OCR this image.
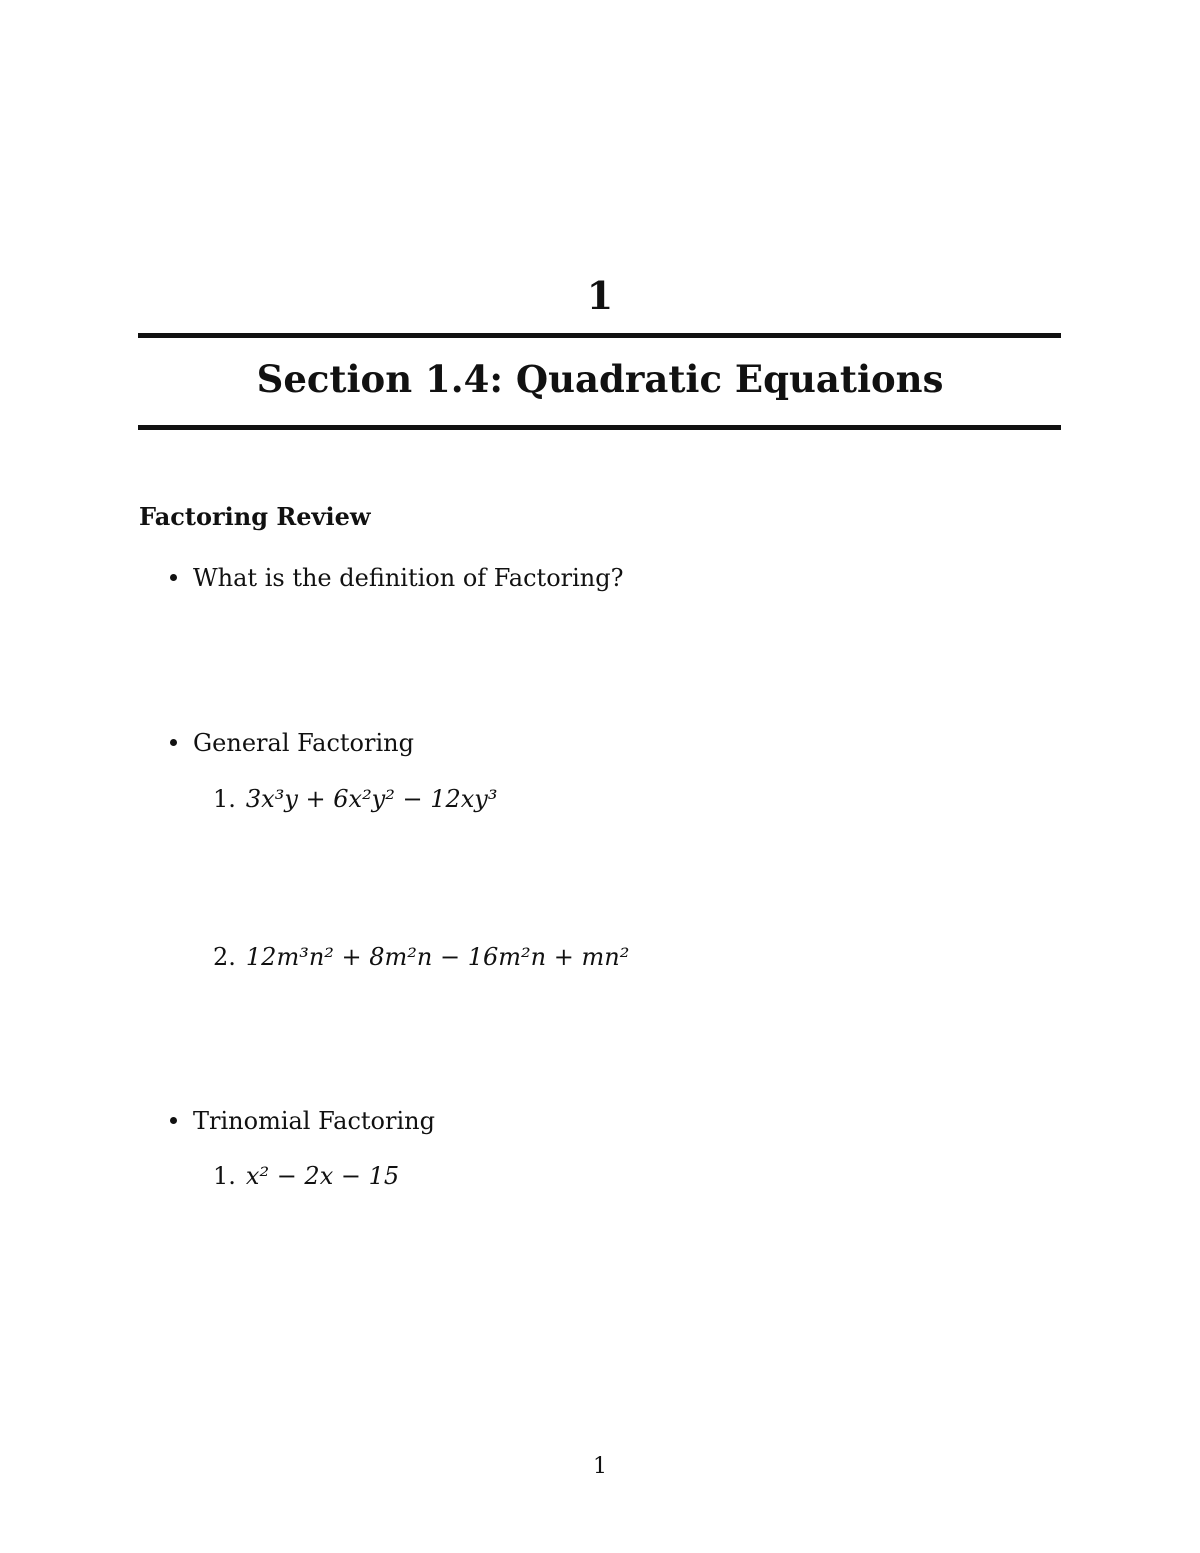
1
Section 1.4: Quadratic Equations
Factoring Review
What is the definition of Factoring?
General Factoring
1. 3x³y + 6x²y² − 12xy³
2. 12m³n² + 8m²n − 16m²n + mn²
Trinomial Factoring
1. x² − 2x − 15
1
